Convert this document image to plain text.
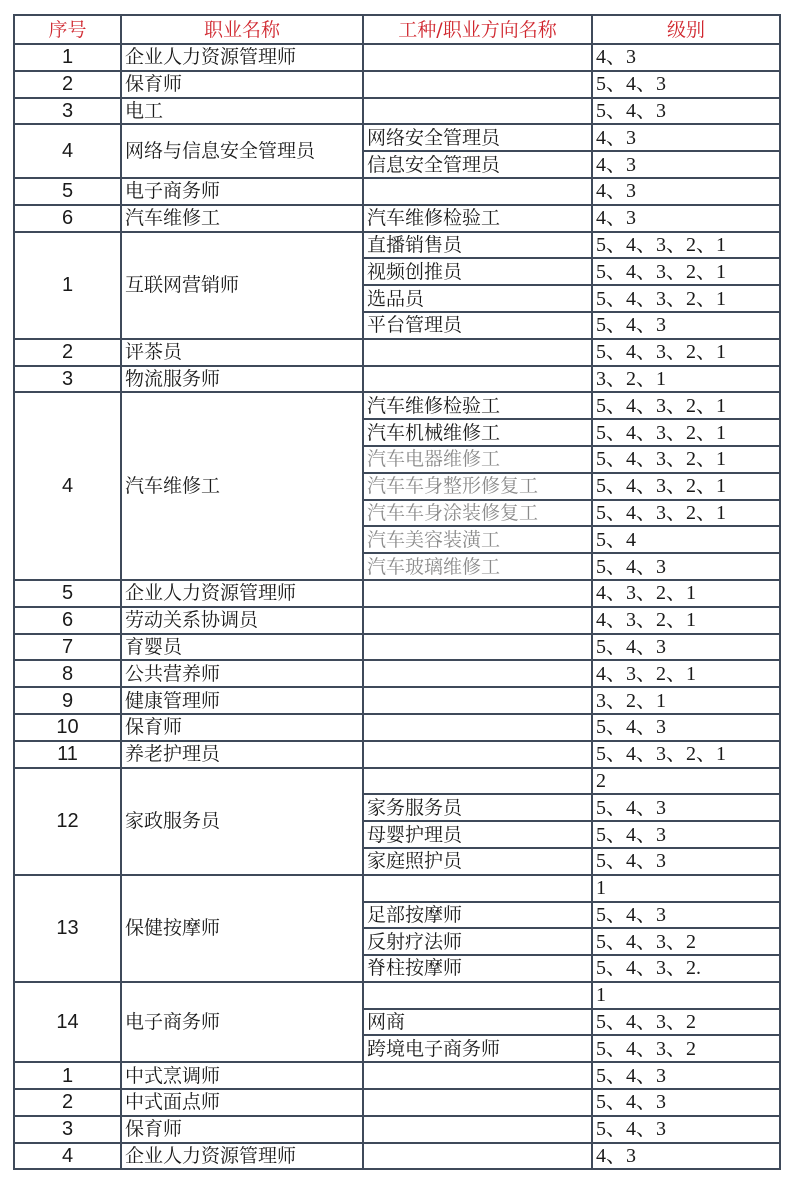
序号	职业名称	工种/职业方向名称	级别
1	企业人力资源管理师		4、3
2	保育师		5、4、3
3	电工		5、4、3
4	网络与信息安全管理员	网络安全管理员	4、3
		信息安全管理员	4、3
5	电子商务师		4、3
6	汽车维修工	汽车维修检验工	4、3
1	互联网营销师	直播销售员	5、4、3、2、1
		视频创推员	5、4、3、2、1
		选品员	5、4、3、2、1
		平台管理员	5、4、3
2	评茶员		5、4、3、2、1
3	物流服务师		3、2、1
4	汽车维修工	汽车维修检验工	5、4、3、2、1
		汽车机械维修工	5、4、3、2、1
		汽车电器维修工	5、4、3、2、1
		汽车车身整形修复工	5、4、3、2、1
		汽车车身涂装修复工	5、4、3、2、1
		汽车美容装潢工	5、4
		汽车玻璃维修工	5、4、3
5	企业人力资源管理师		4、3、2、1
6	劳动关系协调员		4、3、2、1
7	育婴员		5、4、3
8	公共营养师		4、3、2、1
9	健康管理师		3、2、1
10	保育师		5、4、3
11	养老护理员		5、4、3、2、1
12	家政服务员		2
		家务服务员	5、4、3
		母婴护理员	5、4、3
		家庭照护员	5、4、3
13	保健按摩师		1
		足部按摩师	5、4、3
		反射疗法师	5、4、3、2
		脊柱按摩师	5、4、3、2.
14	电子商务师		1
		网商	5、4、3、2
		跨境电子商务师	5、4、3、2
1	中式烹调师		5、4、3
2	中式面点师		5、4、3
3	保育师		5、4、3
4	企业人力资源管理师		4、3
